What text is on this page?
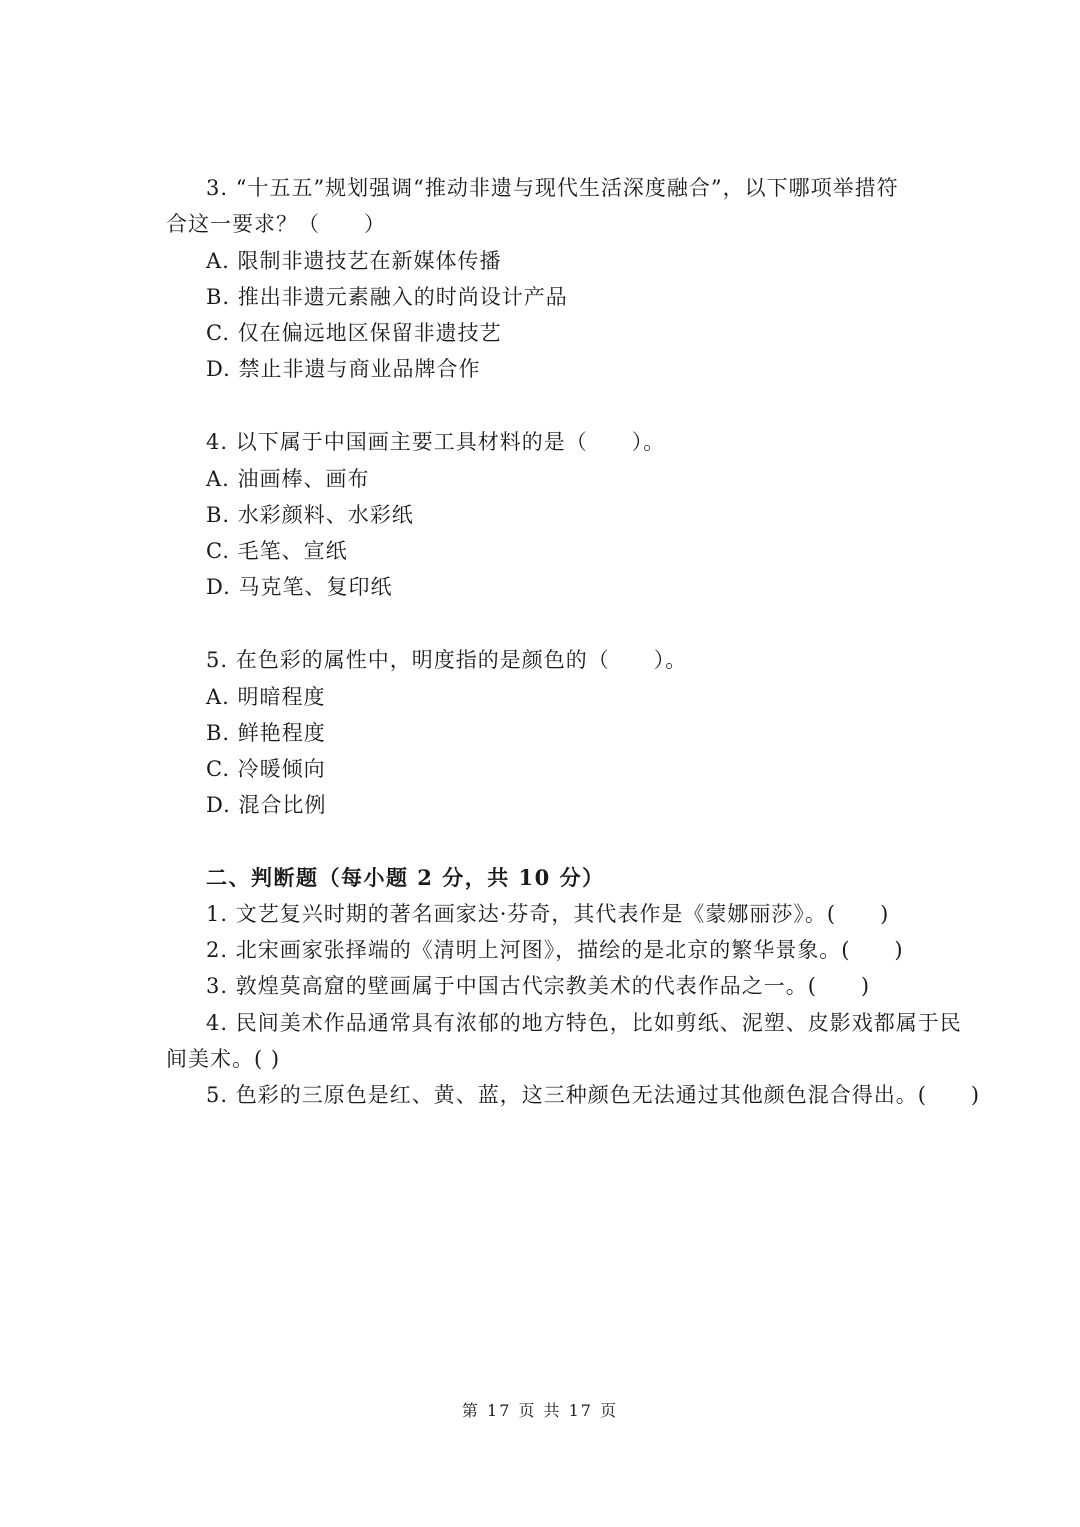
3. “十五五”规划强调“推动非遗与现代生活深度融合”，以下哪项举措符
合这一要求？（　　）
A. 限制非遗技艺在新媒体传播
B. 推出非遗元素融入的时尚设计产品
C. 仅在偏远地区保留非遗技艺
D. 禁止非遗与商业品牌合作
4. 以下属于中国画主要工具材料的是（　　）。
A. 油画棒、画布
B. 水彩颜料、水彩纸
C. 毛笔、宣纸
D. 马克笔、复印纸
5. 在色彩的属性中，明度指的是颜色的（　　）。
A. 明暗程度
B. 鲜艳程度
C. 冷暖倾向
D. 混合比例
二、判断题（每小题 2 分，共 10 分）
1. 文艺复兴时期的著名画家达·芬奇，其代表作是《蒙娜丽莎》。(　　)
2. 北宋画家张择端的《清明上河图》，描绘的是北京的繁华景象。(　　)
3. 敦煌莫高窟的壁画属于中国古代宗教美术的代表作品之一。(　　)
4. 民间美术作品通常具有浓郁的地方特色，比如剪纸、泥塑、皮影戏都属于民
间美术。( )
5. 色彩的三原色是红、黄、蓝，这三种颜色无法通过其他颜色混合得出。(　　)
第 17 页 共 17 页
